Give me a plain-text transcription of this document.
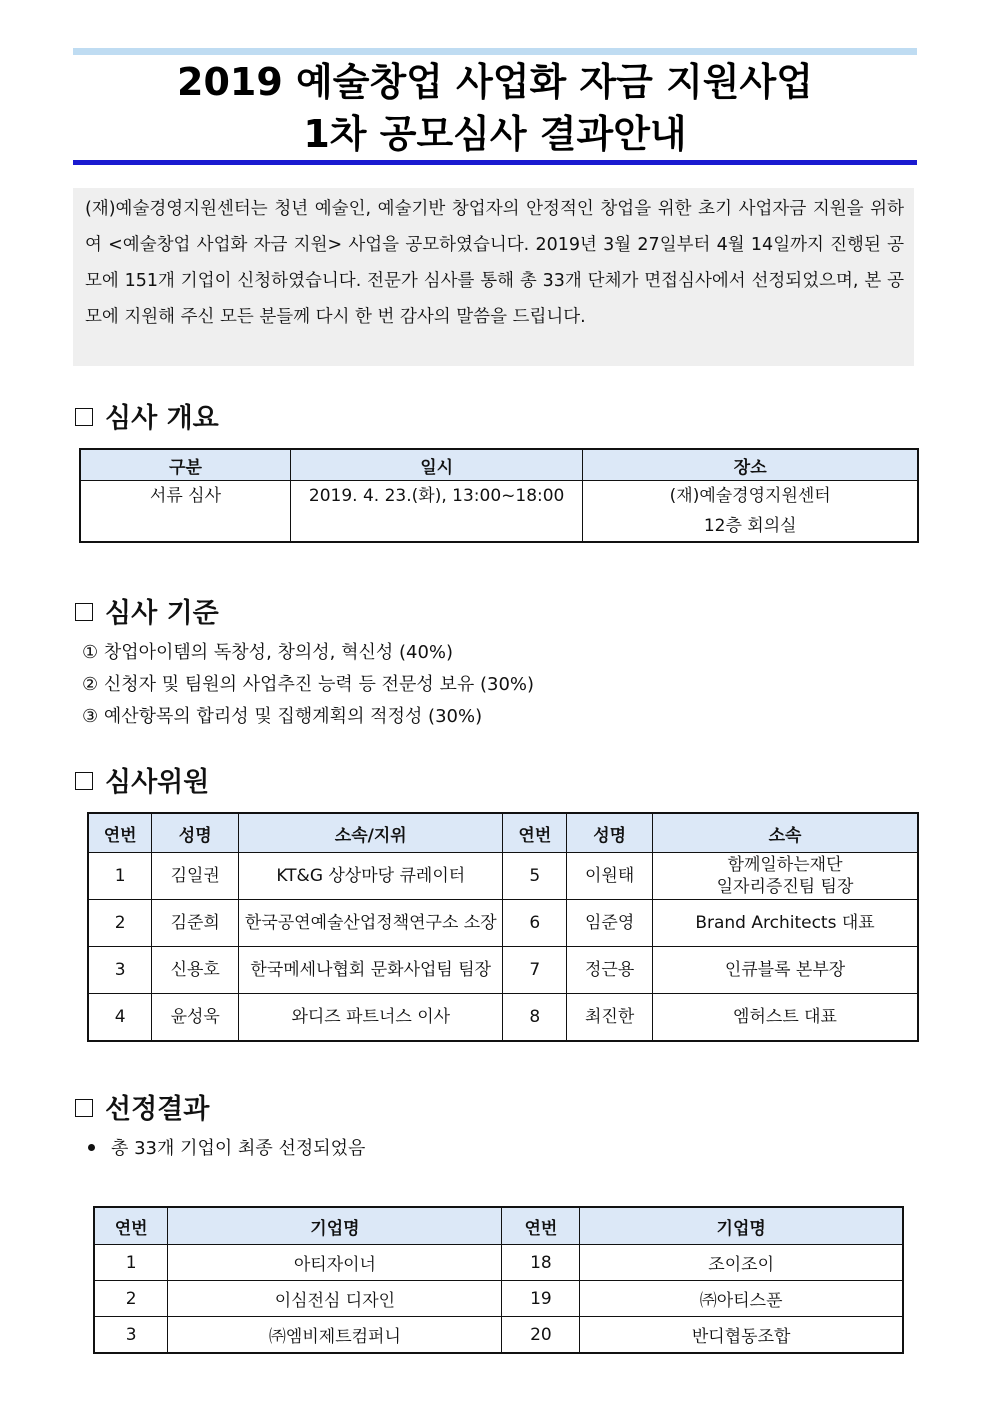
2019 예술창업 사업화 자금 지원사업
1차 공모심사 결과안내
(재)예술경영지원센터는 청년 예술인, 예술기반 창업자의 안정적인 창업을 위한 초기 사업자금 지원을 위하여 <예술창업 사업화 자금 지원> 사업을 공모하였습니다. 2019년 3월 27일부터 4월 14일까지 진행된 공모에 151개 기업이 신청하였습니다. 전문가 심사를 통해 총 33개 단체가 면접심사에서 선정되었으며, 본 공모에 지원해 주신 모든 분들께 다시 한 번 감사의 말씀을 드립니다.
심사 개요
구분	일시	장소
서류 심사	2019. 4. 23.(화), 13:00~18:00	(재)예술경영지원센터
12층 회의실
심사 기준
① 창업아이템의 독창성, 창의성, 혁신성 (40%)
② 신청자 및 팀원의 사업추진 능력 등 전문성 보유 (30%)
③ 예산항목의 합리성 및 집행계획의 적정성 (30%)
심사위원
연번	성명	소속/지위	연번	성명	소속
1	김일권	KT&G 상상마당 큐레이터	5	이원태	함께일하는재단
일자리증진팀 팀장

2	김준희	한국공연예술산업정책연구소 소장	6	임준영	Brand Architects 대표
3	신용호	한국메세나협회 문화사업팀 팀장	7	정근용	인큐블록 본부장
4	윤성욱	와디즈 파트너스 이사	8	최진한	엠허스트 대표
선정결과
총 33개 기업이 최종 선정되었음
연번	기업명	연번	기업명
1	아티자이너	18	조이조이
2	이심전심 디자인	19	㈜아티스푼
3	㈜엠비제트컴퍼니	20	반디협동조합
